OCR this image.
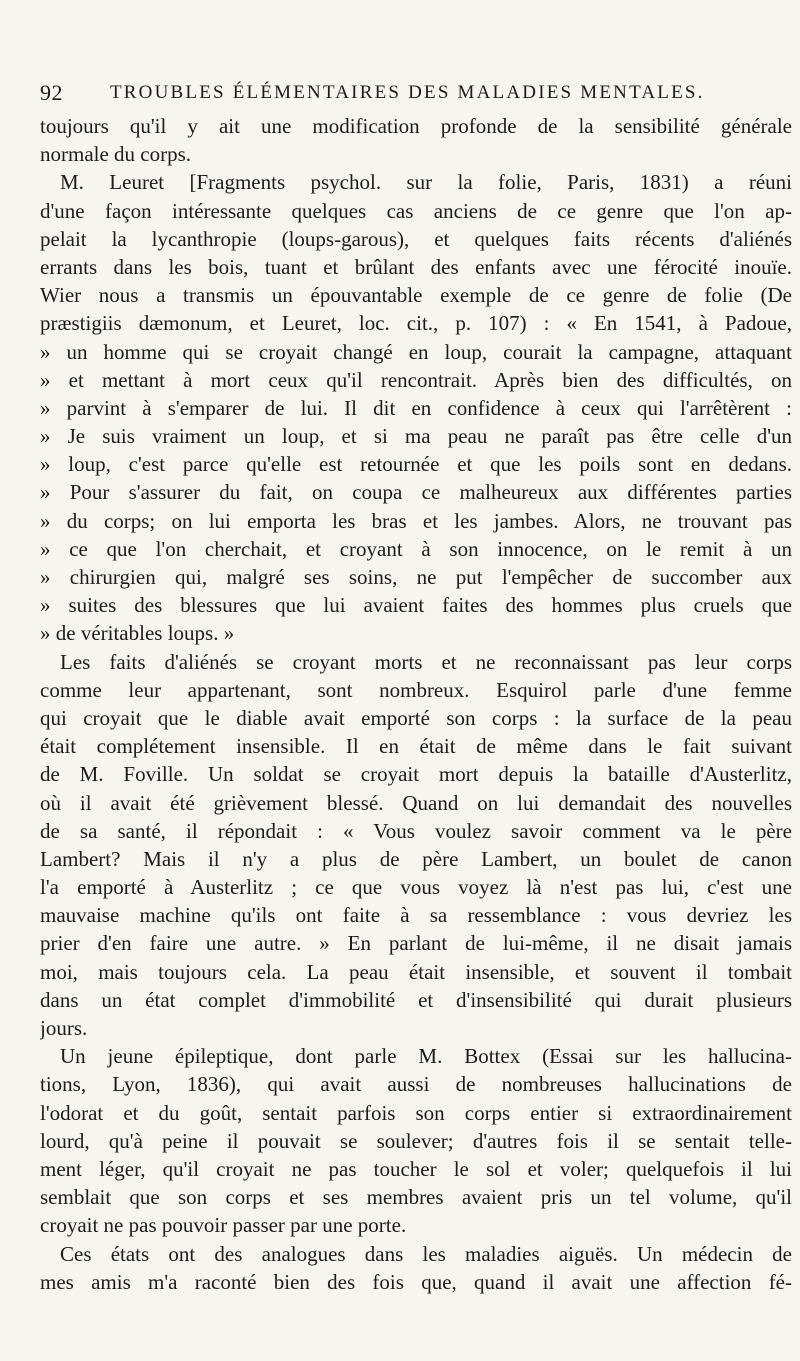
92 TROUBLES ÉLÉMENTAIRES DES MALADIES MENTALES.
toujours qu'il y ait une modification profonde de la sensibilité générale
normale du corps.
M. Leuret [Fragments psychol. sur la folie, Paris, 1831) a réuni
d'une façon intéressante quelques cas anciens de ce genre que l'on ap-
pelait la lycanthropie (loups-garous), et quelques faits récents d'aliénés
errants dans les bois, tuant et brûlant des enfants avec une férocité inouïe.
Wier nous a transmis un épouvantable exemple de ce genre de folie (De
præstigiis dæmonum, et Leuret, loc. cit., p. 107) : « En 1541, à Padoue,
» un homme qui se croyait changé en loup, courait la campagne, attaquant
» et mettant à mort ceux qu'il rencontrait. Après bien des difficultés, on
» parvint à s'emparer de lui. Il dit en confidence à ceux qui l'arrêtèrent :
» Je suis vraiment un loup, et si ma peau ne paraît pas être celle d'un
» loup, c'est parce qu'elle est retournée et que les poils sont en dedans.
» Pour s'assurer du fait, on coupa ce malheureux aux différentes parties
» du corps; on lui emporta les bras et les jambes. Alors, ne trouvant pas
» ce que l'on cherchait, et croyant à son innocence, on le remit à un
» chirurgien qui, malgré ses soins, ne put l'empêcher de succomber aux
» suites des blessures que lui avaient faites des hommes plus cruels que
» de véritables loups. »
Les faits d'aliénés se croyant morts et ne reconnaissant pas leur corps
comme leur appartenant, sont nombreux. Esquirol parle d'une femme
qui croyait que le diable avait emporté son corps : la surface de la peau
était complétement insensible. Il en était de même dans le fait suivant
de M. Foville. Un soldat se croyait mort depuis la bataille d'Austerlitz,
où il avait été grièvement blessé. Quand on lui demandait des nouvelles
de sa santé, il répondait : « Vous voulez savoir comment va le père
Lambert? Mais il n'y a plus de père Lambert, un boulet de canon
l'a emporté à Austerlitz ; ce que vous voyez là n'est pas lui, c'est une
mauvaise machine qu'ils ont faite à sa ressemblance : vous devriez les
prier d'en faire une autre. » En parlant de lui-même, il ne disait jamais
moi, mais toujours cela. La peau était insensible, et souvent il tombait
dans un état complet d'immobilité et d'insensibilité qui durait plusieurs
jours.
Un jeune épileptique, dont parle M. Bottex (Essai sur les hallucina-
tions, Lyon, 1836), qui avait aussi de nombreuses hallucinations de
l'odorat et du goût, sentait parfois son corps entier si extraordinairement
lourd, qu'à peine il pouvait se soulever; d'autres fois il se sentait telle-
ment léger, qu'il croyait ne pas toucher le sol et voler; quelquefois il lui
semblait que son corps et ses membres avaient pris un tel volume, qu'il
croyait ne pas pouvoir passer par une porte.
Ces états ont des analogues dans les maladies aiguës. Un médecin de
mes amis m'a raconté bien des fois que, quand il avait une affection fé-
